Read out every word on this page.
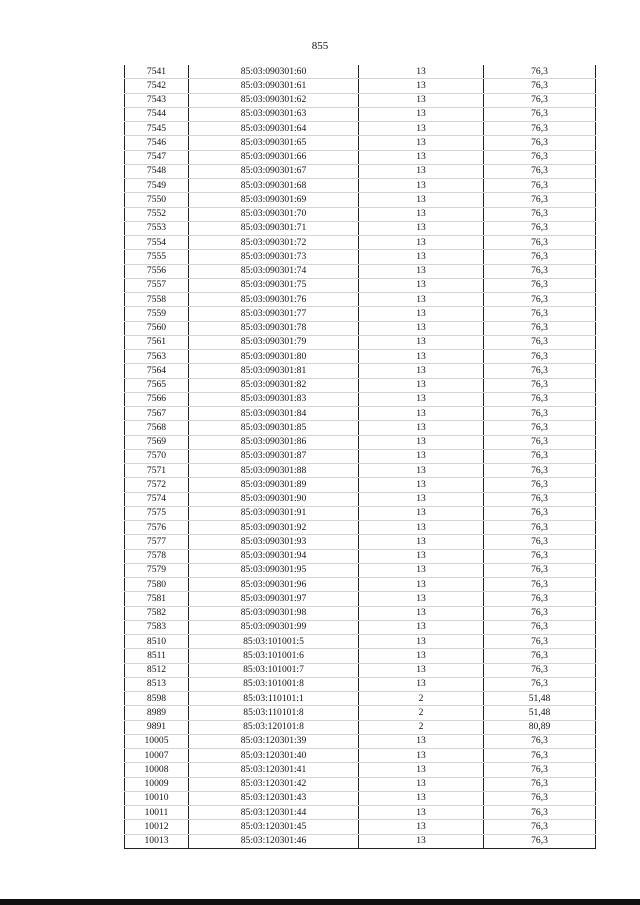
855
7541	85:03:090301:60	13	76,3
7542	85:03:090301:61	13	76,3
7543	85:03:090301:62	13	76,3
7544	85:03:090301:63	13	76,3
7545	85:03:090301:64	13	76,3
7546	85:03:090301:65	13	76,3
7547	85:03:090301:66	13	76,3
7548	85:03:090301:67	13	76,3
7549	85:03:090301:68	13	76,3
7550	85:03:090301:69	13	76,3
7552	85:03:090301:70	13	76,3
7553	85:03:090301:71	13	76,3
7554	85:03:090301:72	13	76,3
7555	85:03:090301:73	13	76,3
7556	85:03:090301:74	13	76,3
7557	85:03:090301:75	13	76,3
7558	85:03:090301:76	13	76,3
7559	85:03:090301:77	13	76,3
7560	85:03:090301:78	13	76,3
7561	85:03:090301:79	13	76,3
7563	85:03:090301:80	13	76,3
7564	85:03:090301:81	13	76,3
7565	85:03:090301:82	13	76,3
7566	85:03:090301:83	13	76,3
7567	85:03:090301:84	13	76,3
7568	85:03:090301:85	13	76,3
7569	85:03:090301:86	13	76,3
7570	85:03:090301:87	13	76,3
7571	85:03:090301:88	13	76,3
7572	85:03:090301:89	13	76,3
7574	85:03:090301:90	13	76,3
7575	85:03:090301:91	13	76,3
7576	85:03:090301:92	13	76,3
7577	85:03:090301:93	13	76,3
7578	85:03:090301:94	13	76,3
7579	85:03:090301:95	13	76,3
7580	85:03:090301:96	13	76,3
7581	85:03:090301:97	13	76,3
7582	85:03:090301:98	13	76,3
7583	85:03:090301:99	13	76,3
8510	85:03:101001:5	13	76,3
8511	85:03:101001:6	13	76,3
8512	85:03:101001:7	13	76,3
8513	85:03:101001:8	13	76,3
8598	85:03:110101:1	2	51,48
8989	85:03:110101:8	2	51,48
9891	85:03:120101:8	2	80,89
10005	85:03:120301:39	13	76,3
10007	85:03:120301:40	13	76,3
10008	85:03:120301:41	13	76,3
10009	85:03:120301:42	13	76,3
10010	85:03:120301:43	13	76,3
10011	85:03:120301:44	13	76,3
10012	85:03:120301:45	13	76,3
10013	85:03:120301:46	13	76,3
